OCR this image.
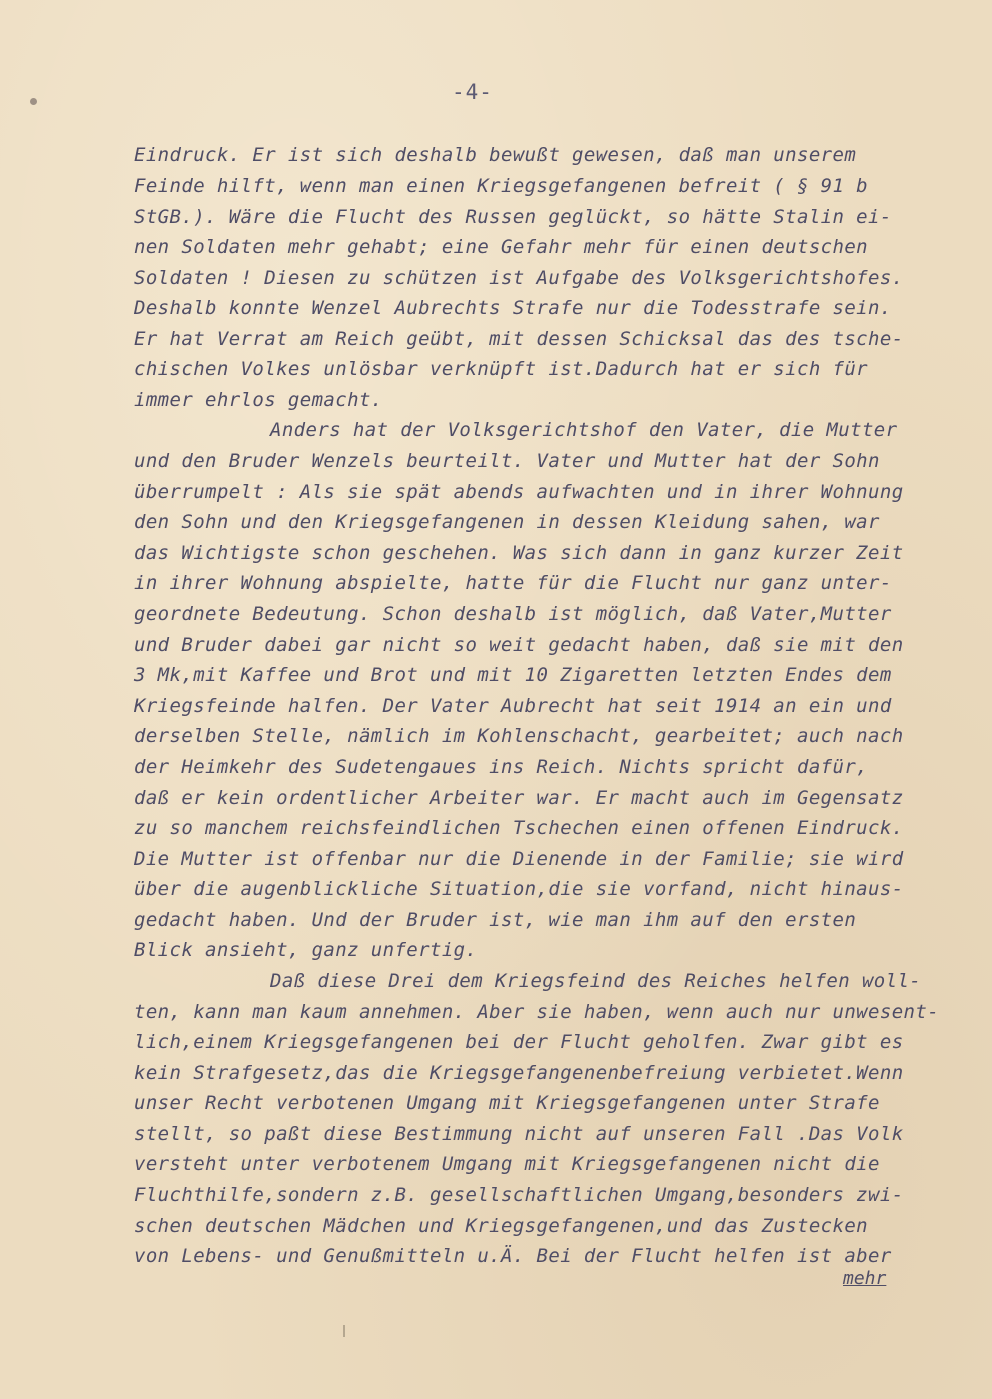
-4-
Eindruck. Er ist sich deshalb bewußt gewesen, daß man unserem
Feinde hilft, wenn man einen Kriegsgefangenen befreit ( § 91 b
StGB.). Wäre die Flucht des Russen geglückt, so hätte Stalin ei-
nen Soldaten mehr gehabt; eine Gefahr mehr für einen deutschen
Soldaten ! Diesen zu schützen ist Aufgabe des Volksgerichtshofes.
Deshalb konnte Wenzel Aubrechts Strafe nur die Todesstrafe sein.
Er hat Verrat am Reich geübt, mit dessen Schicksal das des tsche-
chischen Volkes unlösbar verknüpft ist.Dadurch hat er sich für
immer ehrlos gemacht.
Anders hat der Volksgerichtshof den Vater, die Mutter
und den Bruder Wenzels beurteilt. Vater und Mutter hat der Sohn
überrumpelt : Als sie spät abends aufwachten und in ihrer Wohnung
den Sohn und den Kriegsgefangenen in dessen Kleidung sahen, war
das Wichtigste schon geschehen. Was sich dann in ganz kurzer Zeit
in ihrer Wohnung abspielte, hatte für die Flucht nur ganz unter-
geordnete Bedeutung. Schon deshalb ist möglich, daß Vater,Mutter
und Bruder dabei gar nicht so weit gedacht haben, daß sie mit den
3 Mk,mit Kaffee und Brot und mit 10 Zigaretten letzten Endes dem
Kriegsfeinde halfen. Der Vater Aubrecht hat seit 1914 an ein und
derselben Stelle, nämlich im Kohlenschacht, gearbeitet; auch nach
der Heimkehr des Sudetengaues ins Reich. Nichts spricht dafür,
daß er kein ordentlicher Arbeiter war. Er macht auch im Gegensatz
zu so manchem reichsfeindlichen Tschechen einen offenen Eindruck.
Die Mutter ist offenbar nur die Dienende in der Familie; sie wird
über die augenblickliche Situation,die sie vorfand, nicht hinaus-
gedacht haben. Und der Bruder ist, wie man ihm auf den ersten
Blick ansieht, ganz unfertig.
Daß diese Drei dem Kriegsfeind des Reiches helfen woll-
ten, kann man kaum annehmen. Aber sie haben, wenn auch nur unwesent-
lich,einem Kriegsgefangenen bei der Flucht geholfen. Zwar gibt es
kein Strafgesetz,das die Kriegsgefangenenbefreiung verbietet.Wenn
unser Recht verbotenen Umgang mit Kriegsgefangenen unter Strafe
stellt, so paßt diese Bestimmung nicht auf unseren Fall .Das Volk
versteht unter verbotenem Umgang mit Kriegsgefangenen nicht die
Fluchthilfe,sondern z.B. gesellschaftlichen Umgang,besonders zwi-
schen deutschen Mädchen und Kriegsgefangenen,und das Zustecken
von Lebens- und Genußmitteln u.Ä. Bei der Flucht helfen ist aber
mehr
